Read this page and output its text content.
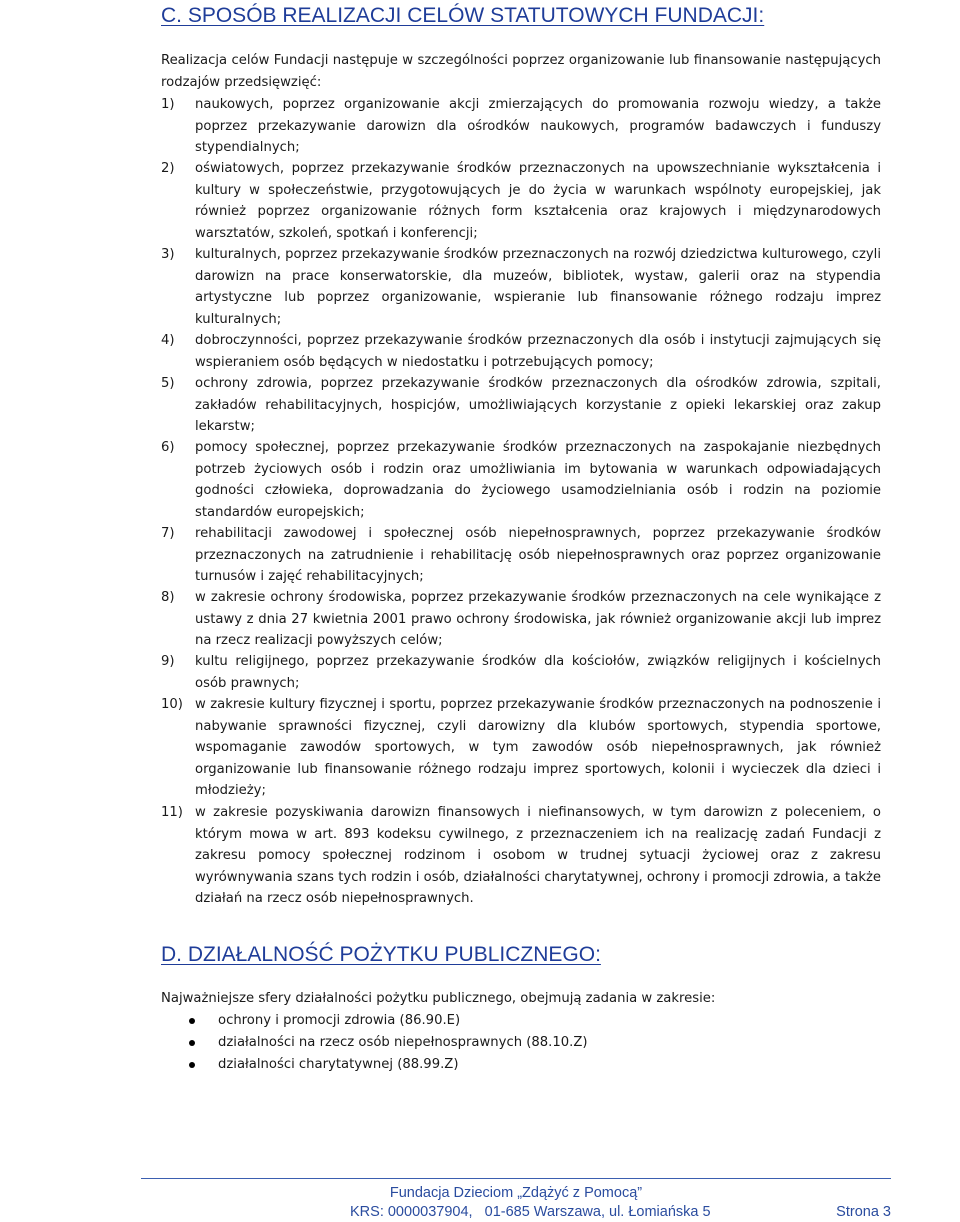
C. SPOSÓB REALIZACJI CELÓW STATUTOWYCH FUNDACJI:

Realizacja celów Fundacji następuje w szczególności poprzez organizowanie lub finansowanie następujących rodzajów przedsięwzięć:

1)	naukowych, poprzez organizowanie akcji zmierzających do promowania rozwoju wiedzy, a także poprzez przekazywanie darowizn dla ośrodków naukowych, programów badawczych i funduszy stypendialnych;
2)	oświatowych, poprzez przekazywanie środków przeznaczonych na upowszechnianie wykształcenia i kultury w społeczeństwie, przygotowujących je do życia w warunkach wspólnoty europejskiej, jak również poprzez organizowanie różnych form kształcenia oraz krajowych i międzynarodowych warsztatów, szkoleń, spotkań i konferencji;
3)	kulturalnych, poprzez przekazywanie środków przeznaczonych na rozwój dziedzictwa kulturowego, czyli darowizn na prace konserwatorskie, dla muzeów, bibliotek, wystaw, galerii oraz na stypendia artystyczne lub poprzez organizowanie, wspieranie lub finansowanie różnego rodzaju imprez kulturalnych;
4)	dobroczynności, poprzez przekazywanie środków przeznaczonych dla osób i instytucji zajmujących się wspieraniem osób będących w niedostatku i potrzebujących pomocy;
5)	ochrony zdrowia, poprzez przekazywanie środków przeznaczonych dla ośrodków zdrowia, szpitali, zakładów rehabilitacyjnych, hospicjów, umożliwiających korzystanie z opieki lekarskiej oraz zakup lekarstw;
6)	pomocy społecznej, poprzez przekazywanie środków przeznaczonych na zaspokajanie niezbędnych potrzeb życiowych osób i rodzin oraz umożliwiania im bytowania w warunkach odpowiadających godności człowieka, doprowadzania do życiowego usamodzielniania osób i rodzin na poziomie standardów europejskich;
7)	rehabilitacji zawodowej i społecznej osób niepełnosprawnych, poprzez przekazywanie środków przeznaczonych na zatrudnienie i rehabilitację osób niepełnosprawnych oraz poprzez organizowanie turnusów i zajęć rehabilitacyjnych;
8)	w zakresie ochrony środowiska, poprzez przekazywanie środków przeznaczonych na cele wynikające z ustawy z dnia 27 kwietnia 2001 prawo ochrony środowiska, jak również organizowanie akcji lub imprez na rzecz realizacji powyższych celów;
9)	kultu religijnego, poprzez przekazywanie środków dla kościołów, związków religijnych i kościelnych osób prawnych;
10) w zakresie kultury fizycznej i sportu, poprzez przekazywanie środków przeznaczonych na podnoszenie i nabywanie sprawności fizycznej, czyli darowizny dla klubów sportowych, stypendia sportowe, wspomaganie zawodów sportowych, w tym zawodów osób niepełnosprawnych, jak również organizowanie lub finansowanie różnego rodzaju imprez sportowych, kolonii i wycieczek dla dzieci i młodzieży;
11) w zakresie pozyskiwania darowizn finansowych i niefinansowych, w tym darowizn z poleceniem, o którym mowa w art. 893 kodeksu cywilnego, z przeznaczeniem ich na realizację zadań Fundacji z zakresu pomocy społecznej rodzinom i osobom w trudnej sytuacji życiowej oraz z zakresu wyrównywania szans tych rodzin i osób, działalności charytatywnej, ochrony i promocji zdrowia, a także działań na rzecz osób niepełnosprawnych.
D. DZIAŁALNOŚĆ POŻYTKU PUBLICZNEGO:

Najważniejsze sfery działalności pożytku publicznego, obejmują zadania w zakresie:

ochrony i promocji zdrowia (86.90.E)
działalności na rzecz osób niepełnosprawnych (88.10.Z)
działalności charytatywnej (88.99.Z)
Fundacja Dzieciom „Zdążyć z Pomocą”
KRS: 0000037904,   01-685 Warszawa, ul. Łomiańska 5	Strona 3
